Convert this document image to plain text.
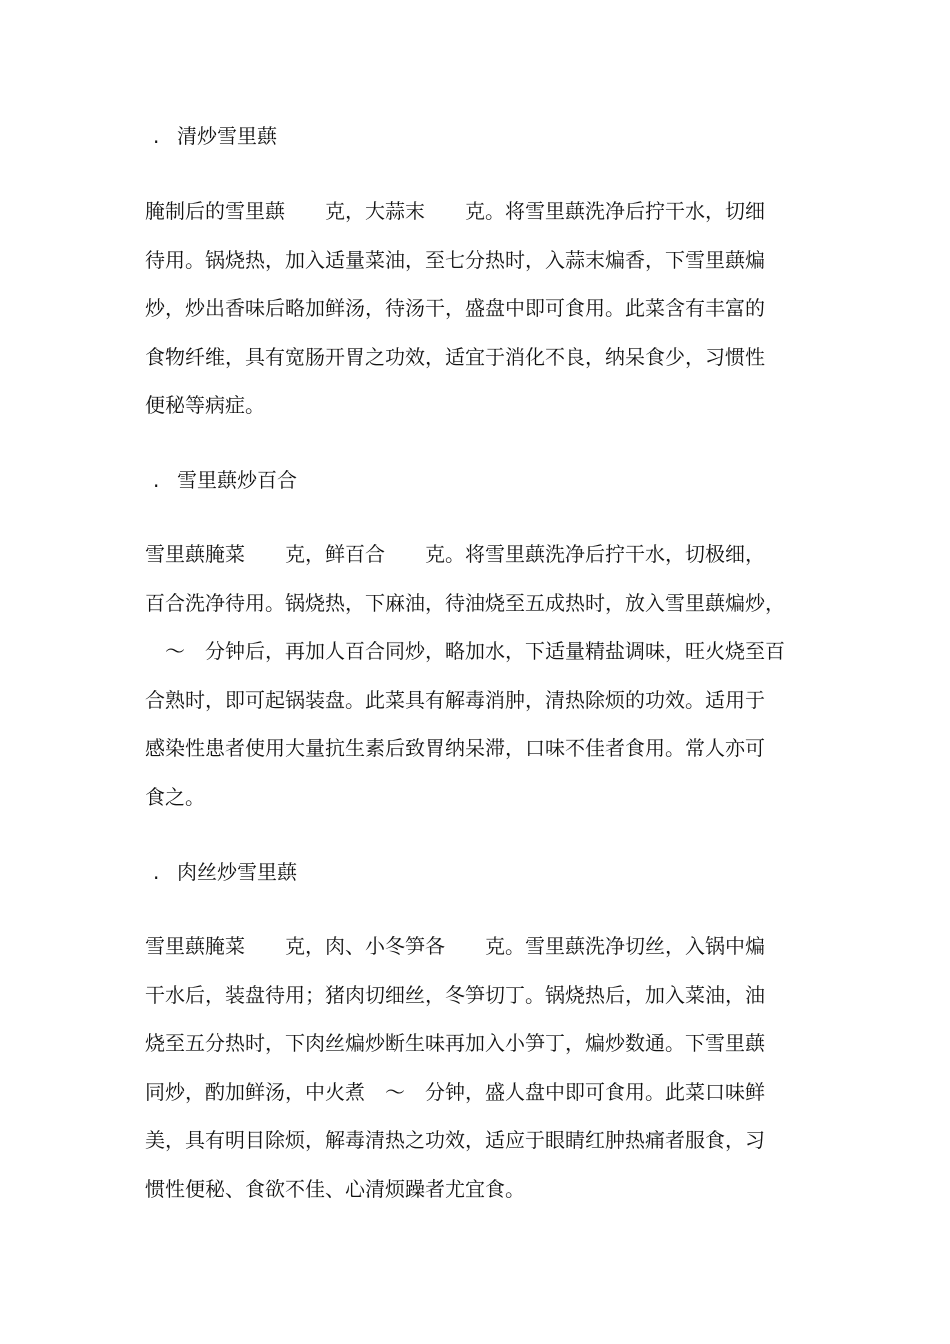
. 清炒雪里蕻
腌制后的雪里蕻　　克，大蒜末　　克。将雪里蕻洗净后拧干水，切细
待用。锅烧热，加入适量菜油，至七分热时，入蒜末煸香，下雪里蕻煸
炒，炒出香味后略加鲜汤，待汤干，盛盘中即可食用。此菜含有丰富的
食物纤维，具有宽肠开胃之功效，适宜于消化不良，纳呆食少，习惯性
便秘等病症。
. 雪里蕻炒百合
雪里蕻腌菜　　克，鲜百合　　克。将雪里蕻洗净后拧干水，切极细，
百合洗净待用。锅烧热，下麻油，待油烧至五成热时，放入雪里蕻煸炒，
　～　分钟后，再加人百合同炒，略加水，下适量精盐调味，旺火烧至百
合熟时，即可起锅装盘。此菜具有解毒消肿，清热除烦的功效。适用于
感染性患者使用大量抗生素后致胃纳呆滞，口味不佳者食用。常人亦可
食之。
. 肉丝炒雪里蕻
雪里蕻腌菜　　克，肉、小冬笋各　　克。雪里蕻洗净切丝，入锅中煸
干水后，装盘待用；猪肉切细丝，冬笋切丁。锅烧热后，加入菜油，油
烧至五分热时，下肉丝煸炒断生味再加入小笋丁，煸炒数通。下雪里蕻
同炒，酌加鲜汤，中火煮　～　分钟，盛人盘中即可食用。此菜口味鲜
美，具有明目除烦，解毒清热之功效，适应于眼睛红肿热痛者服食，习
惯性便秘、食欲不佳、心清烦躁者尤宜食。
